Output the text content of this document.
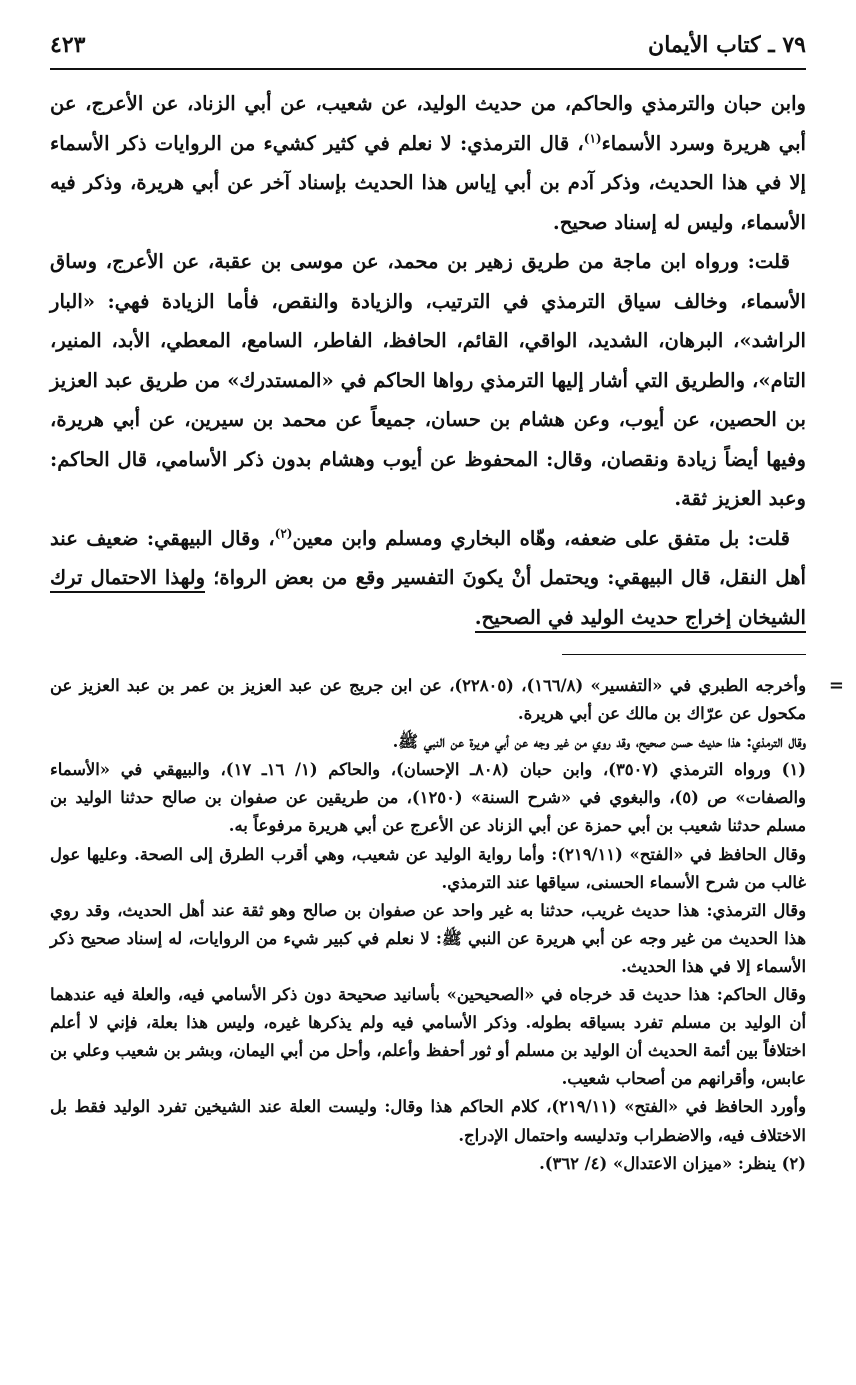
٧٩ ـ كتاب الأيمان
٤٢٣

وابن حبان والترمذي والحاكم، من حديث الوليد، عن شعيب، عن أبي الزناد، عن الأعرج، عن أبي هريرة وسرد الأسماء$^{(١)}$، قال الترمذي: لا نعلم في كثير كشيء من الروايات ذكر الأسماء إلا في هذا الحديث، وذكر آدم بن أبي إياس هذا الحديث بإسناد آخر عن أبي هريرة، وذكر فيه الأسماء، وليس له إسناد صحيح.

قلت: ورواه ابن ماجة من طريق زهير بن محمد، عن موسى بن عقبة، عن الأعرج، وساق الأسماء، وخالف سياق الترمذي في الترتيب، والزيادة والنقص، فأما الزيادة فهي: «البار الراشد»، البرهان، الشديد، الواقي، القائم، الحافظ، الفاطر، السامع، المعطي، الأبد، المنير، التام»، والطريق التي أشار إليها الترمذي رواها الحاكم في «المستدرك» من طريق عبد العزيز بن الحصين، عن أيوب، وعن هشام بن حسان، جميعاً عن محمد بن سيرين، عن أبي هريرة، وفيها أيضاً زيادة ونقصان، وقال: المحفوظ عن أيوب وهشام بدون ذكر الأسامي، قال الحاكم: وعبد العزيز ثقة.

قلت: بل متفق على ضعفه، وهّاه البخاري ومسلم وابن معين$^{(٢)}$، وقال البيهقي: ضعيف عند أهل النقل، قال البيهقي: ويحتمل أنْ يكونَ التفسير وقع من بعض الرواة؛ ولهذا الاحتمال ترك الشيخان إخراج حديث الوليد في الصحيح.

=

وأخرجه الطبري في «التفسير» (١٦٦/٨)، (٢٢٨٠٥)، عن ابن جريج عن عبد العزيز بن عمر بن عبد العزيز عن مكحول عن عرّاك بن مالك عن أبي هريرة.

وقال الترمذي: هذا حديث حسن صحيح، وقد روي من غير وجه عن أبي هريرة عن النبي ﷺ.

(١) ورواه الترمذي (٣٥٠٧)، وابن حبان (٨٠٨ـ الإحسان)، والحاكم (١/ ١٦ـ ١٧)، والبيهقي في «الأسماء والصفات» ص (٥)، والبغوي في «شرح السنة» (١٢٥٠)، من طريقين عن صفوان بن صالح حدثنا الوليد بن مسلم حدثنا شعيب بن أبي حمزة عن أبي الزناد عن الأعرج عن أبي هريرة مرفوعاً به.

وقال الحافظ في «الفتح» (٢١٩/١١): وأما رواية الوليد عن شعيب، وهي أقرب الطرق إلى الصحة. وعليها عول غالب من شرح الأسماء الحسنى، سياقها عند الترمذي.

وقال الترمذي: هذا حديث غريب، حدثنا به غير واحد عن صفوان بن صالح وهو ثقة عند أهل الحديث، وقد روي هذا الحديث من غير وجه عن أبي هريرة عن النبي ﷺ: لا نعلم في كبير شيء من الروايات، له إسناد صحيح ذكر الأسماء إلا في هذا الحديث.

وقال الحاكم: هذا حديث قد خرجاه في «الصحيحين» بأسانيد صحيحة دون ذكر الأسامي فيه، والعلة فيه عندهما أن الوليد بن مسلم تفرد بسياقه بطوله. وذكر الأسامي فيه ولم يذكرها غيره، وليس هذا بعلة، فإني لا أعلم اختلافاً بين أئمة الحديث أن الوليد بن مسلم أو ثور أحفظ وأعلم، وأحل من أبي اليمان، وبشر بن شعيب وعلي بن عابس، وأقرانهم من أصحاب شعيب.

وأورد الحافظ في «الفتح» (٢١٩/١١)، كلام الحاكم هذا وقال: وليست العلة عند الشيخين تفرد الوليد فقط بل الاختلاف فيه، والاضطراب وتدليسه واحتمال الإدراج.

(٢) ينظر: «ميزان الاعتدال» (٤/ ٣٦٢).
